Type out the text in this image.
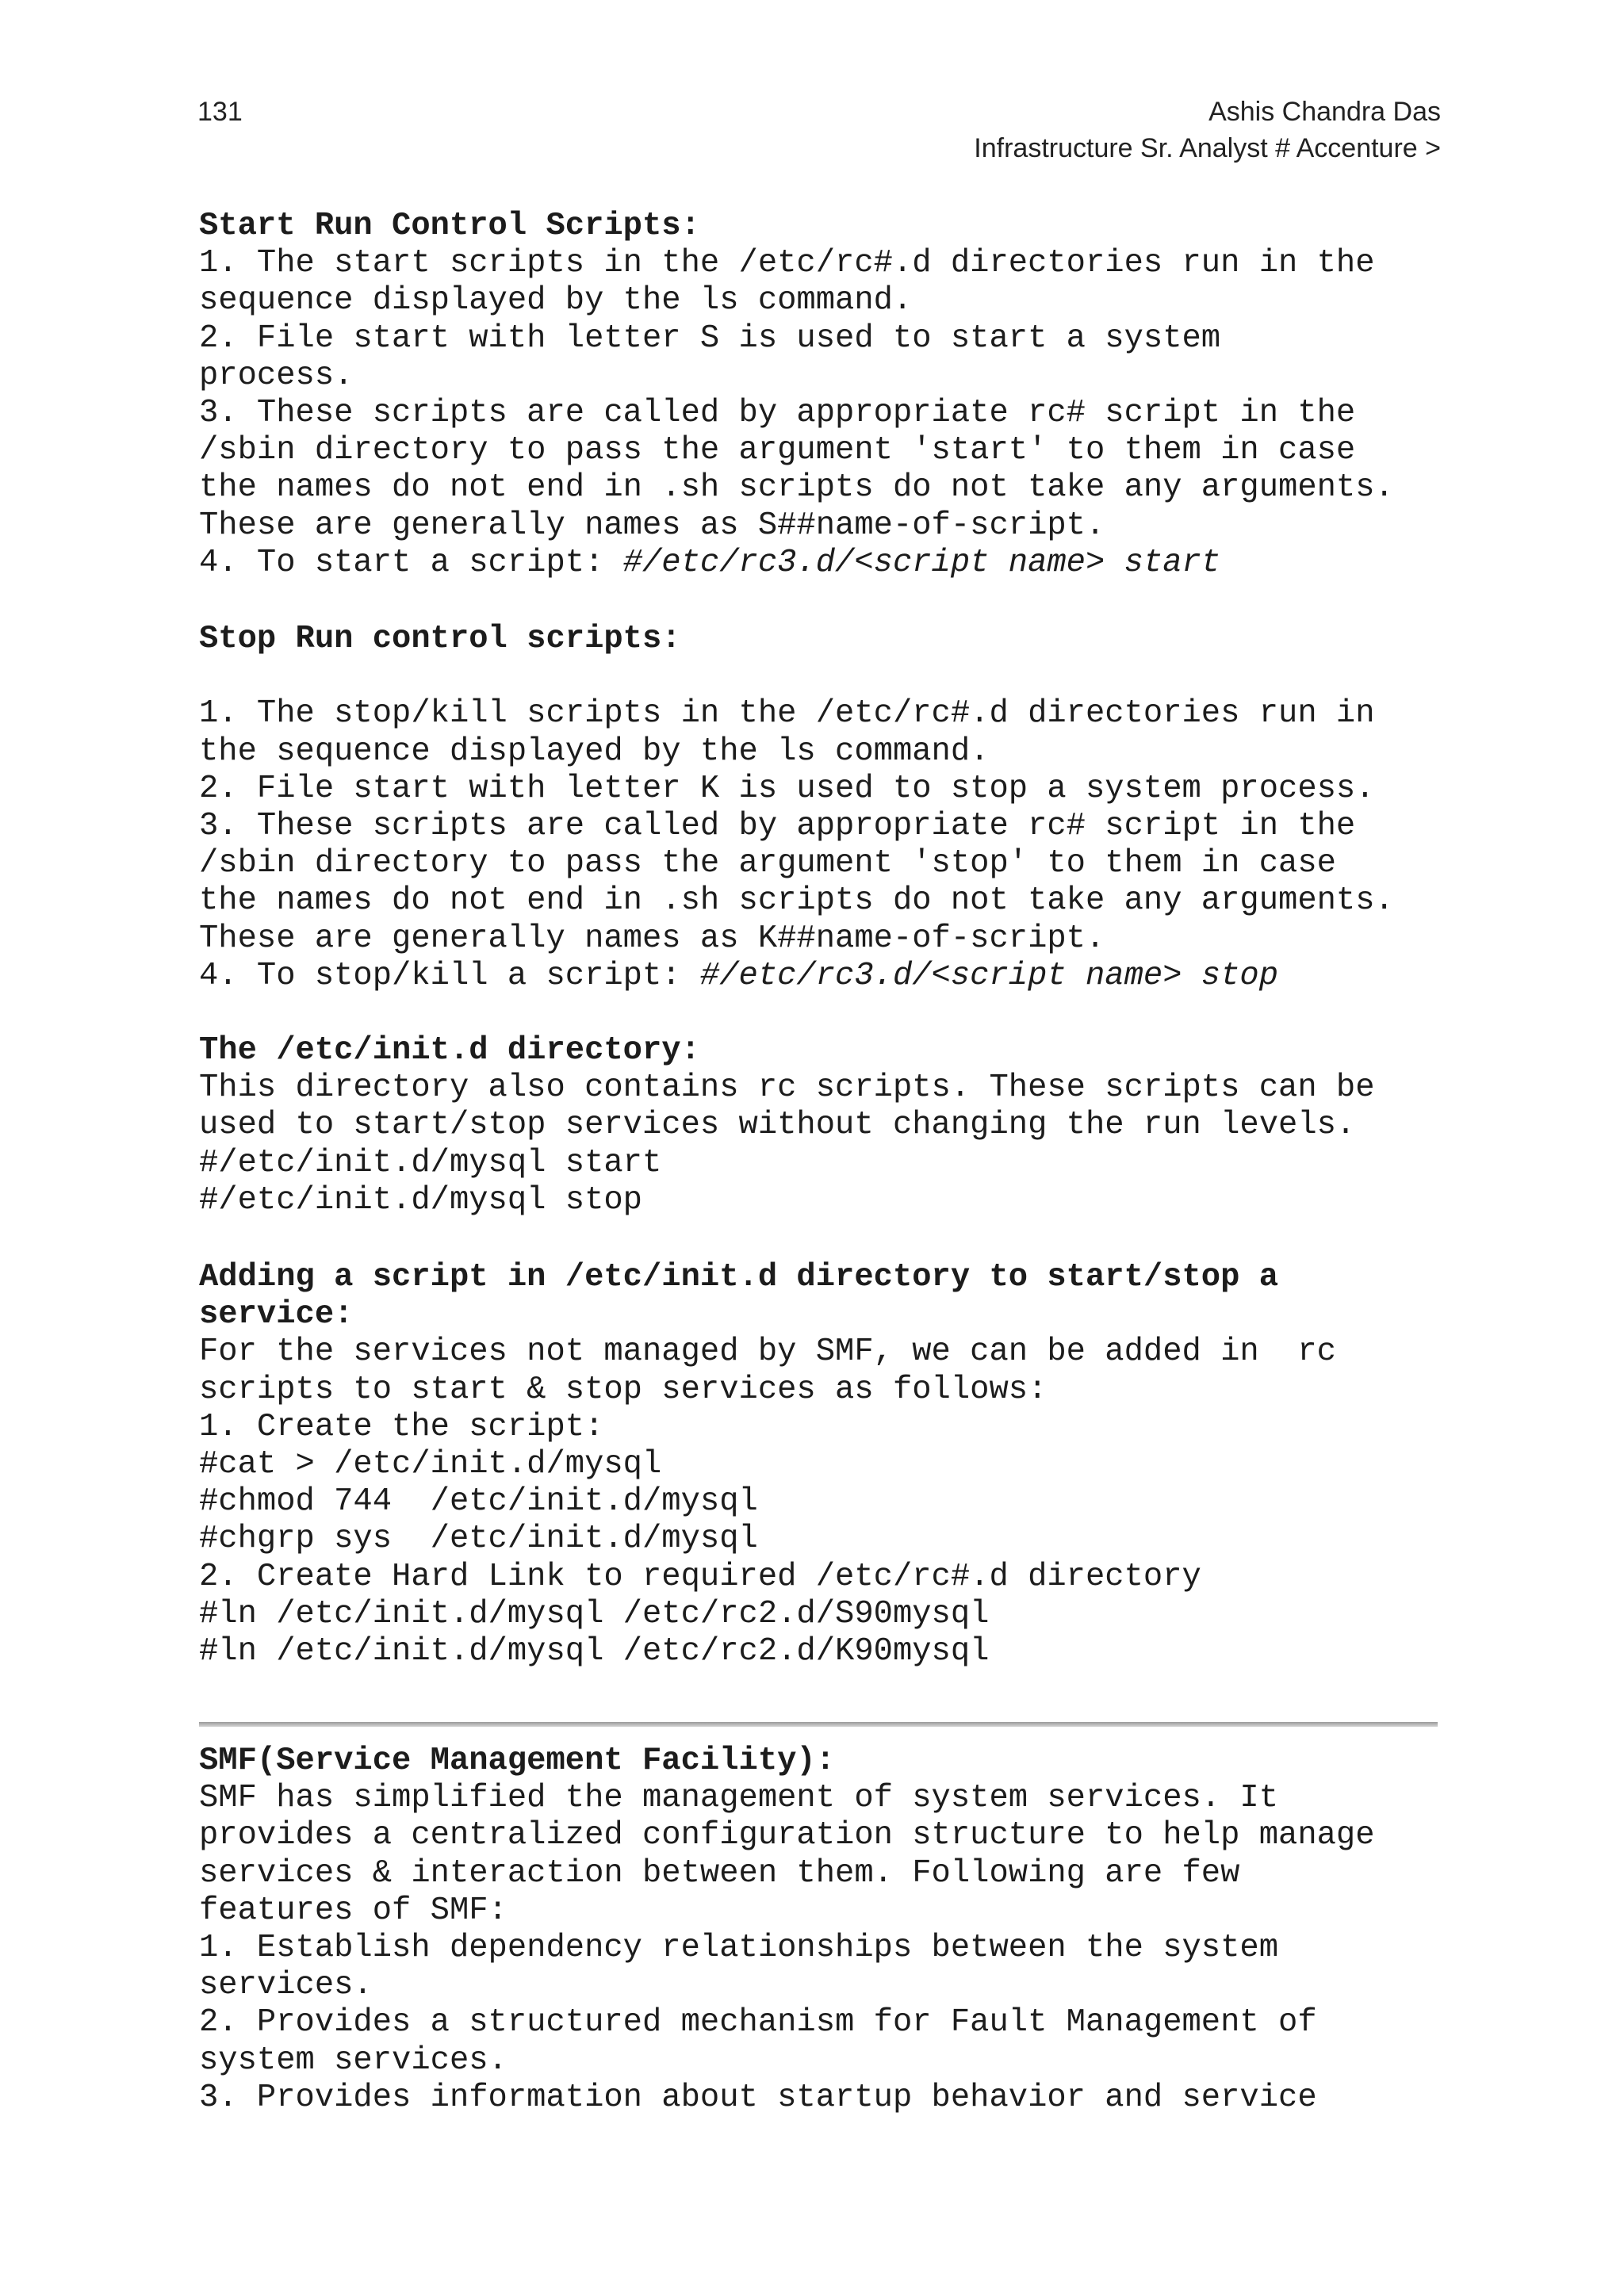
131	Ashis Chandra Das
Infrastructure Sr. Analyst # Accenture >
Start Run Control Scripts:
1. The start scripts in the /etc/rc#.d directories run in the
sequence displayed by the ls command.
2. File start with letter S is used to start a system
process.
3. These scripts are called by appropriate rc# script in the
/sbin directory to pass the argument 'start' to them in case
the names do not end in .sh scripts do not take any arguments.
These are generally names as S##name-of-script.
4. To start a script: #/etc/rc3.d/<script name> start
Stop Run control scripts:
1. The stop/kill scripts in the /etc/rc#.d directories run in
the sequence displayed by the ls command.
2. File start with letter K is used to stop a system process.
3. These scripts are called by appropriate rc# script in the
/sbin directory to pass the argument 'stop' to them in case
the names do not end in .sh scripts do not take any arguments.
These are generally names as K##name-of-script.
4. To stop/kill a script: #/etc/rc3.d/<script name> stop
The /etc/init.d directory:
This directory also contains rc scripts. These scripts can be
used to start/stop services without changing the run levels.
#/etc/init.d/mysql start
#/etc/init.d/mysql stop
Adding a script in /etc/init.d directory to start/stop a
service:
For the services not managed by SMF, we can be added in  rc
scripts to start & stop services as follows:
1. Create the script:
#cat > /etc/init.d/mysql
#chmod 744  /etc/init.d/mysql
#chgrp sys  /etc/init.d/mysql
2. Create Hard Link to required /etc/rc#.d directory
#ln /etc/init.d/mysql /etc/rc2.d/S90mysql
#ln /etc/init.d/mysql /etc/rc2.d/K90mysql
SMF(Service Management Facility):
SMF has simplified the management of system services. It
provides a centralized configuration structure to help manage
services & interaction between them. Following are few
features of SMF:
1. Establish dependency relationships between the system
services.
2. Provides a structured mechanism for Fault Management of
system services.
3. Provides information about startup behavior and service
